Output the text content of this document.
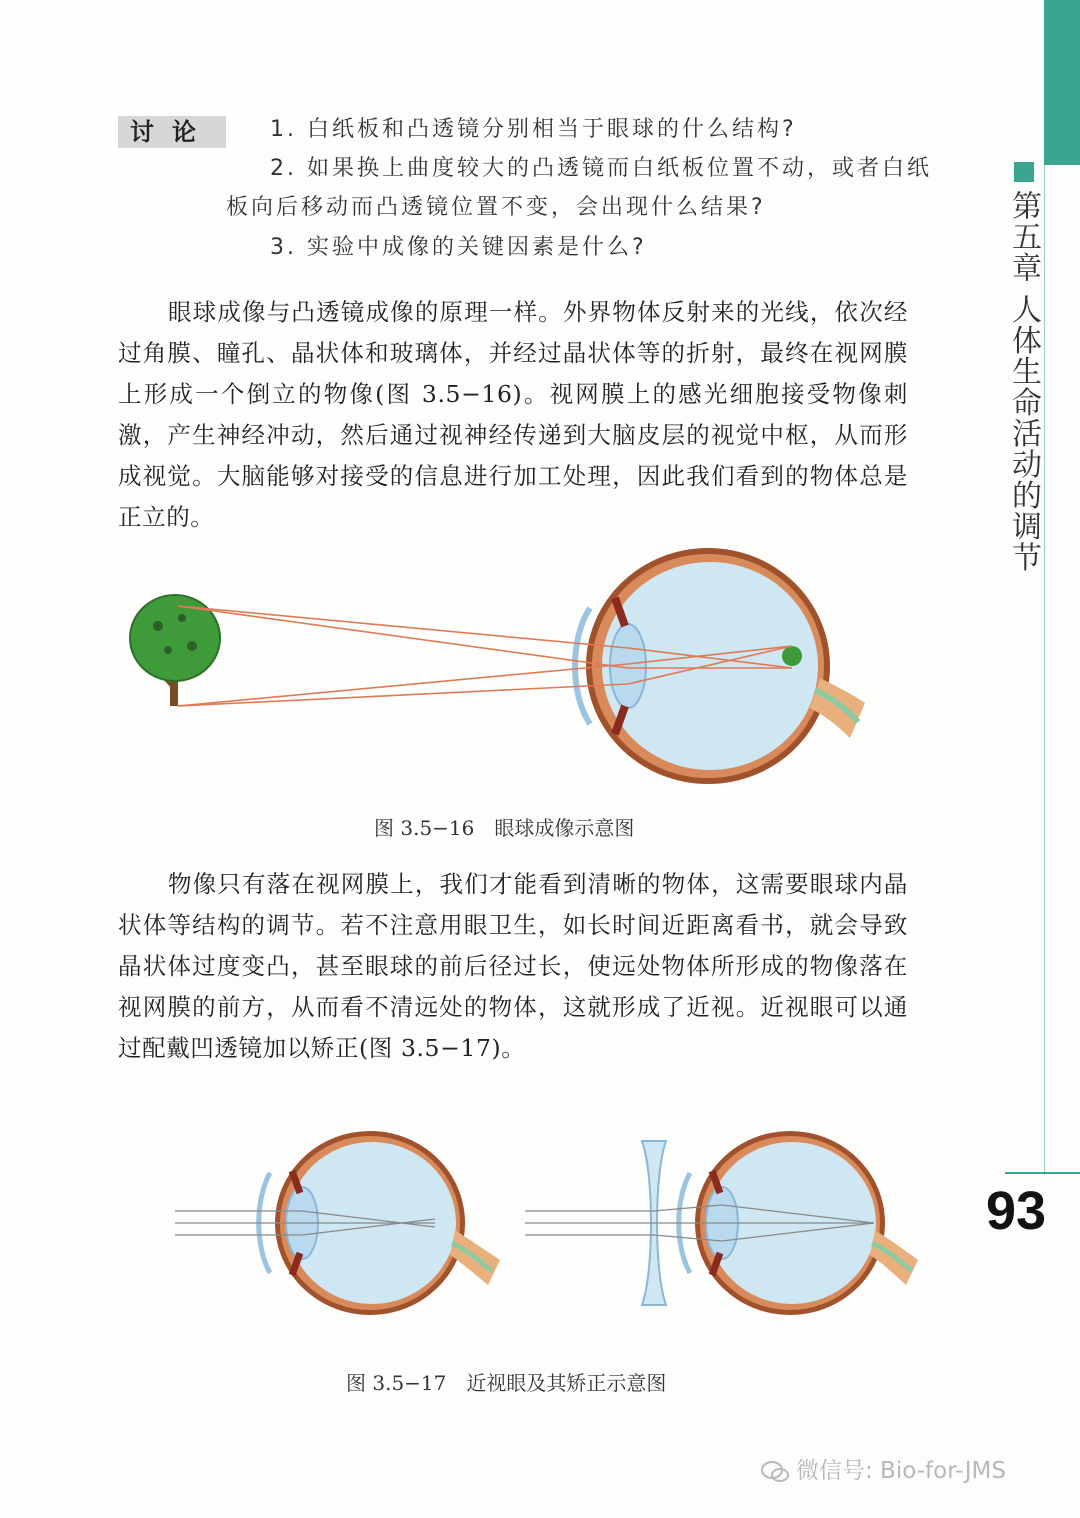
第五章 人体生命活动的调节
93
讨论	1. 白纸板和凸透镜分别相当于眼球的什么结构?
2. 如果换上曲度较大的凸透镜而白纸板位置不动，或者白纸
板向后移动而凸透镜位置不变，会出现什么结果?
3. 实验中成像的关键因素是什么?
眼球成像与凸透镜成像的原理一样。外界物体反射来的光线，依次经过角膜、瞳孔、晶状体和玻璃体，并经过晶状体等的折射，最终在视网膜上形成一个倒立的物像(图 3.5−16)。视网膜上的感光细胞接受物像刺激，产生神经冲动，然后通过视神经传递到大脑皮层的视觉中枢，从而形成视觉。大脑能够对接受的信息进行加工处理，因此我们看到的物体总是正立的。
图 3.5−16　眼球成像示意图
物像只有落在视网膜上，我们才能看到清晰的物体，这需要眼球内晶状体等结构的调节。若不注意用眼卫生，如长时间近距离看书，就会导致晶状体过度变凸，甚至眼球的前后径过长，使远处物体所形成的物像落在视网膜的前方，从而看不清远处的物体，这就形成了近视。近视眼可以通过配戴凹透镜加以矫正(图 3.5−17)。
图 3.5−17　近视眼及其矫正示意图
微信号: Bio-for-JMS
